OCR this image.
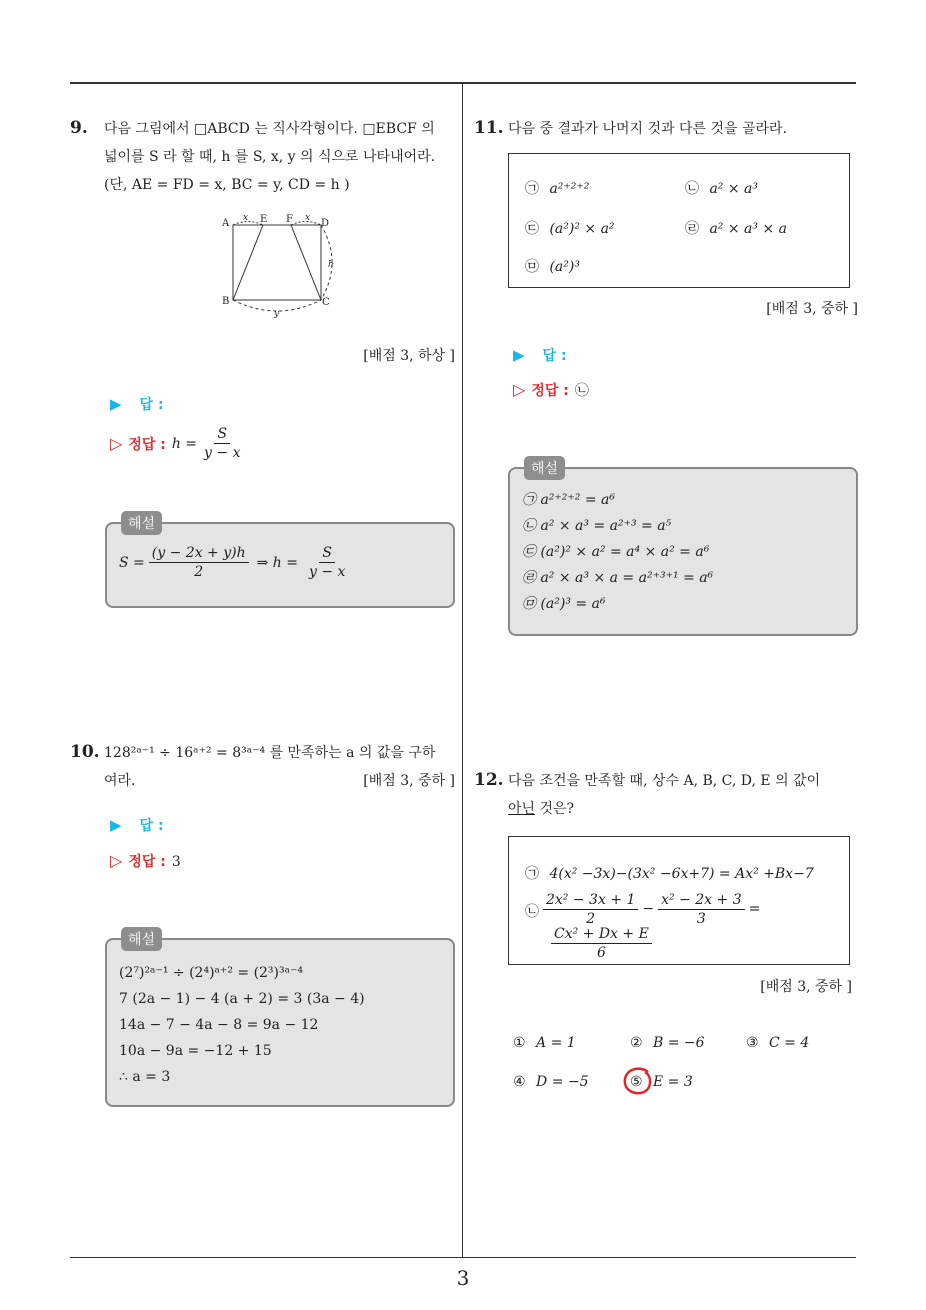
3
9. 다음 그림에서 □ABCD 는 직사각형이다. □EBCF 의
넓이를 S 라 할 때, h 를 S, x, y 의 식으로 나타내어라.
(단, AE = FD = x, BC = y, CD = h )
A	E F	D
B	C
x	x
y
h
[배점 3, 하상 ]
▶ 답 :
▷ 정답 : $h = \frac{S}{y - x}$
해설
$S = \frac{(y - 2x + y)h}{2}$ ⇒ $h = \frac{S}{y - x}$
10. 128²ᵃ⁻¹ ÷ 16ᵃ⁺² = 8³ᵃ⁻⁴ 를 만족하는 a 의 값을 구하
여라.	[배점 3, 중하 ]
▶ 답 :
▷ 정답 : 3
해설
(2⁷)²ᵃ⁻¹ ÷ (2⁴)ᵃ⁺² = (2³)³ᵃ⁻⁴
7 (2a − 1) − 4 (a + 2) = 3 (3a − 4)
14a − 7 − 4a − 8 = 9a − 12
10a − 9a = −12 + 15
∴ a = 3
11. 다음 중 결과가 나머지 것과 다른 것을 골라라.
㉠ a²⁺²⁺²	㉡ a² × a³
㉢ (a²)² × a²	㉣ a² × a³ × a
㉤ (a²)³
[배점 3, 중하 ]
▶ 답 :
▷ 정답 : ㉡
해설
㉠ a²⁺²⁺² = a⁶
㉡ a² × a³ = a²⁺³ = a⁵
㉢ (a²)² × a² = a⁴ × a² = a⁶
㉣ a² × a³ × a = a²⁺³⁺¹ = a⁶
㉤ (a²)³ = a⁶
12. 다음 조건을 만족할 때, 상수 A, B, C, D, E 의 값이
아닌 것은?
㉠ 4(x² −3x)−(3x² −6x+7) = Ax² +Bx−7
㉡ $\frac{\text{2x² − 3x + 1}}{2} - \frac{\text{x² − 2x + 3}}{3}$ =
$\frac{\text{Cx² + Dx + E}}{6}$
[배점 3, 중하 ]
① A = 1	② B = −6	③ C = 4
④ D = −5	⑤ E = 3
